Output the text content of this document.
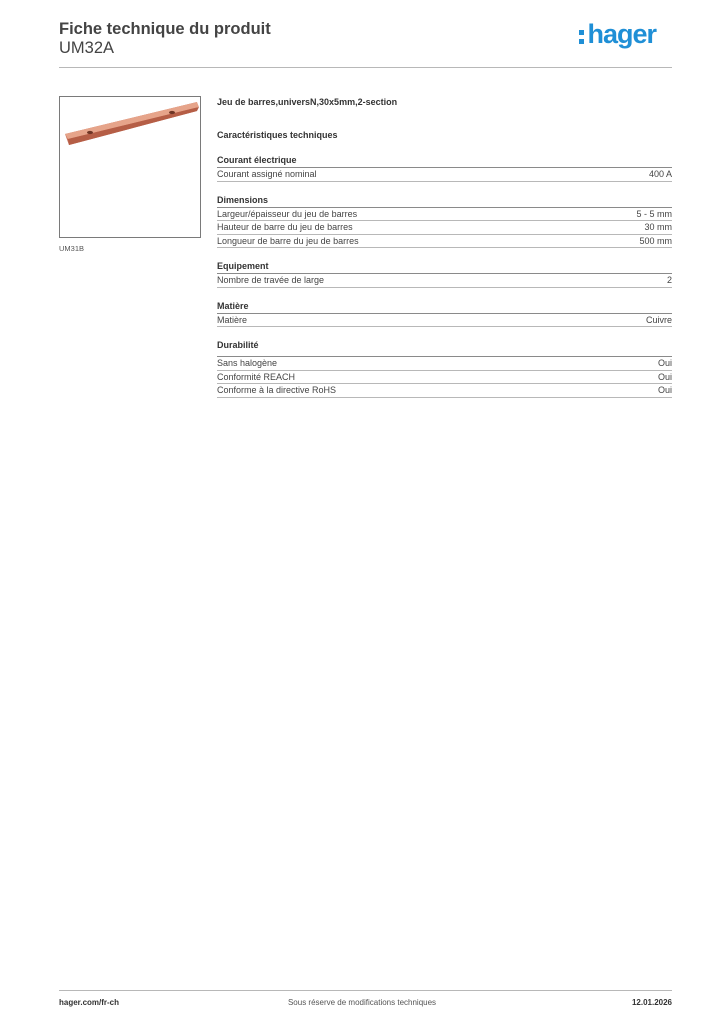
Fiche technique du produit
UM32A	hager
UM31B
Jeu de barres,universN,30x5mm,2-section
Caractéristiques techniques
Courant électrique
Courant assigné nominal	400 A
Dimensions
Largeur/épaisseur du jeu de barres	5 - 5 mm
Hauteur de barre du jeu de barres	30 mm
Longueur de barre du jeu de barres	500 mm
Equipement
Nombre de travée de large	2
Matière
Matière	Cuivre
Durabilité
Sans halogène	Oui
Conformité REACH	Oui
Conforme à la directive RoHS	Oui
hager.com/fr-ch	Sous réserve de modifications techniques	12.01.2026
